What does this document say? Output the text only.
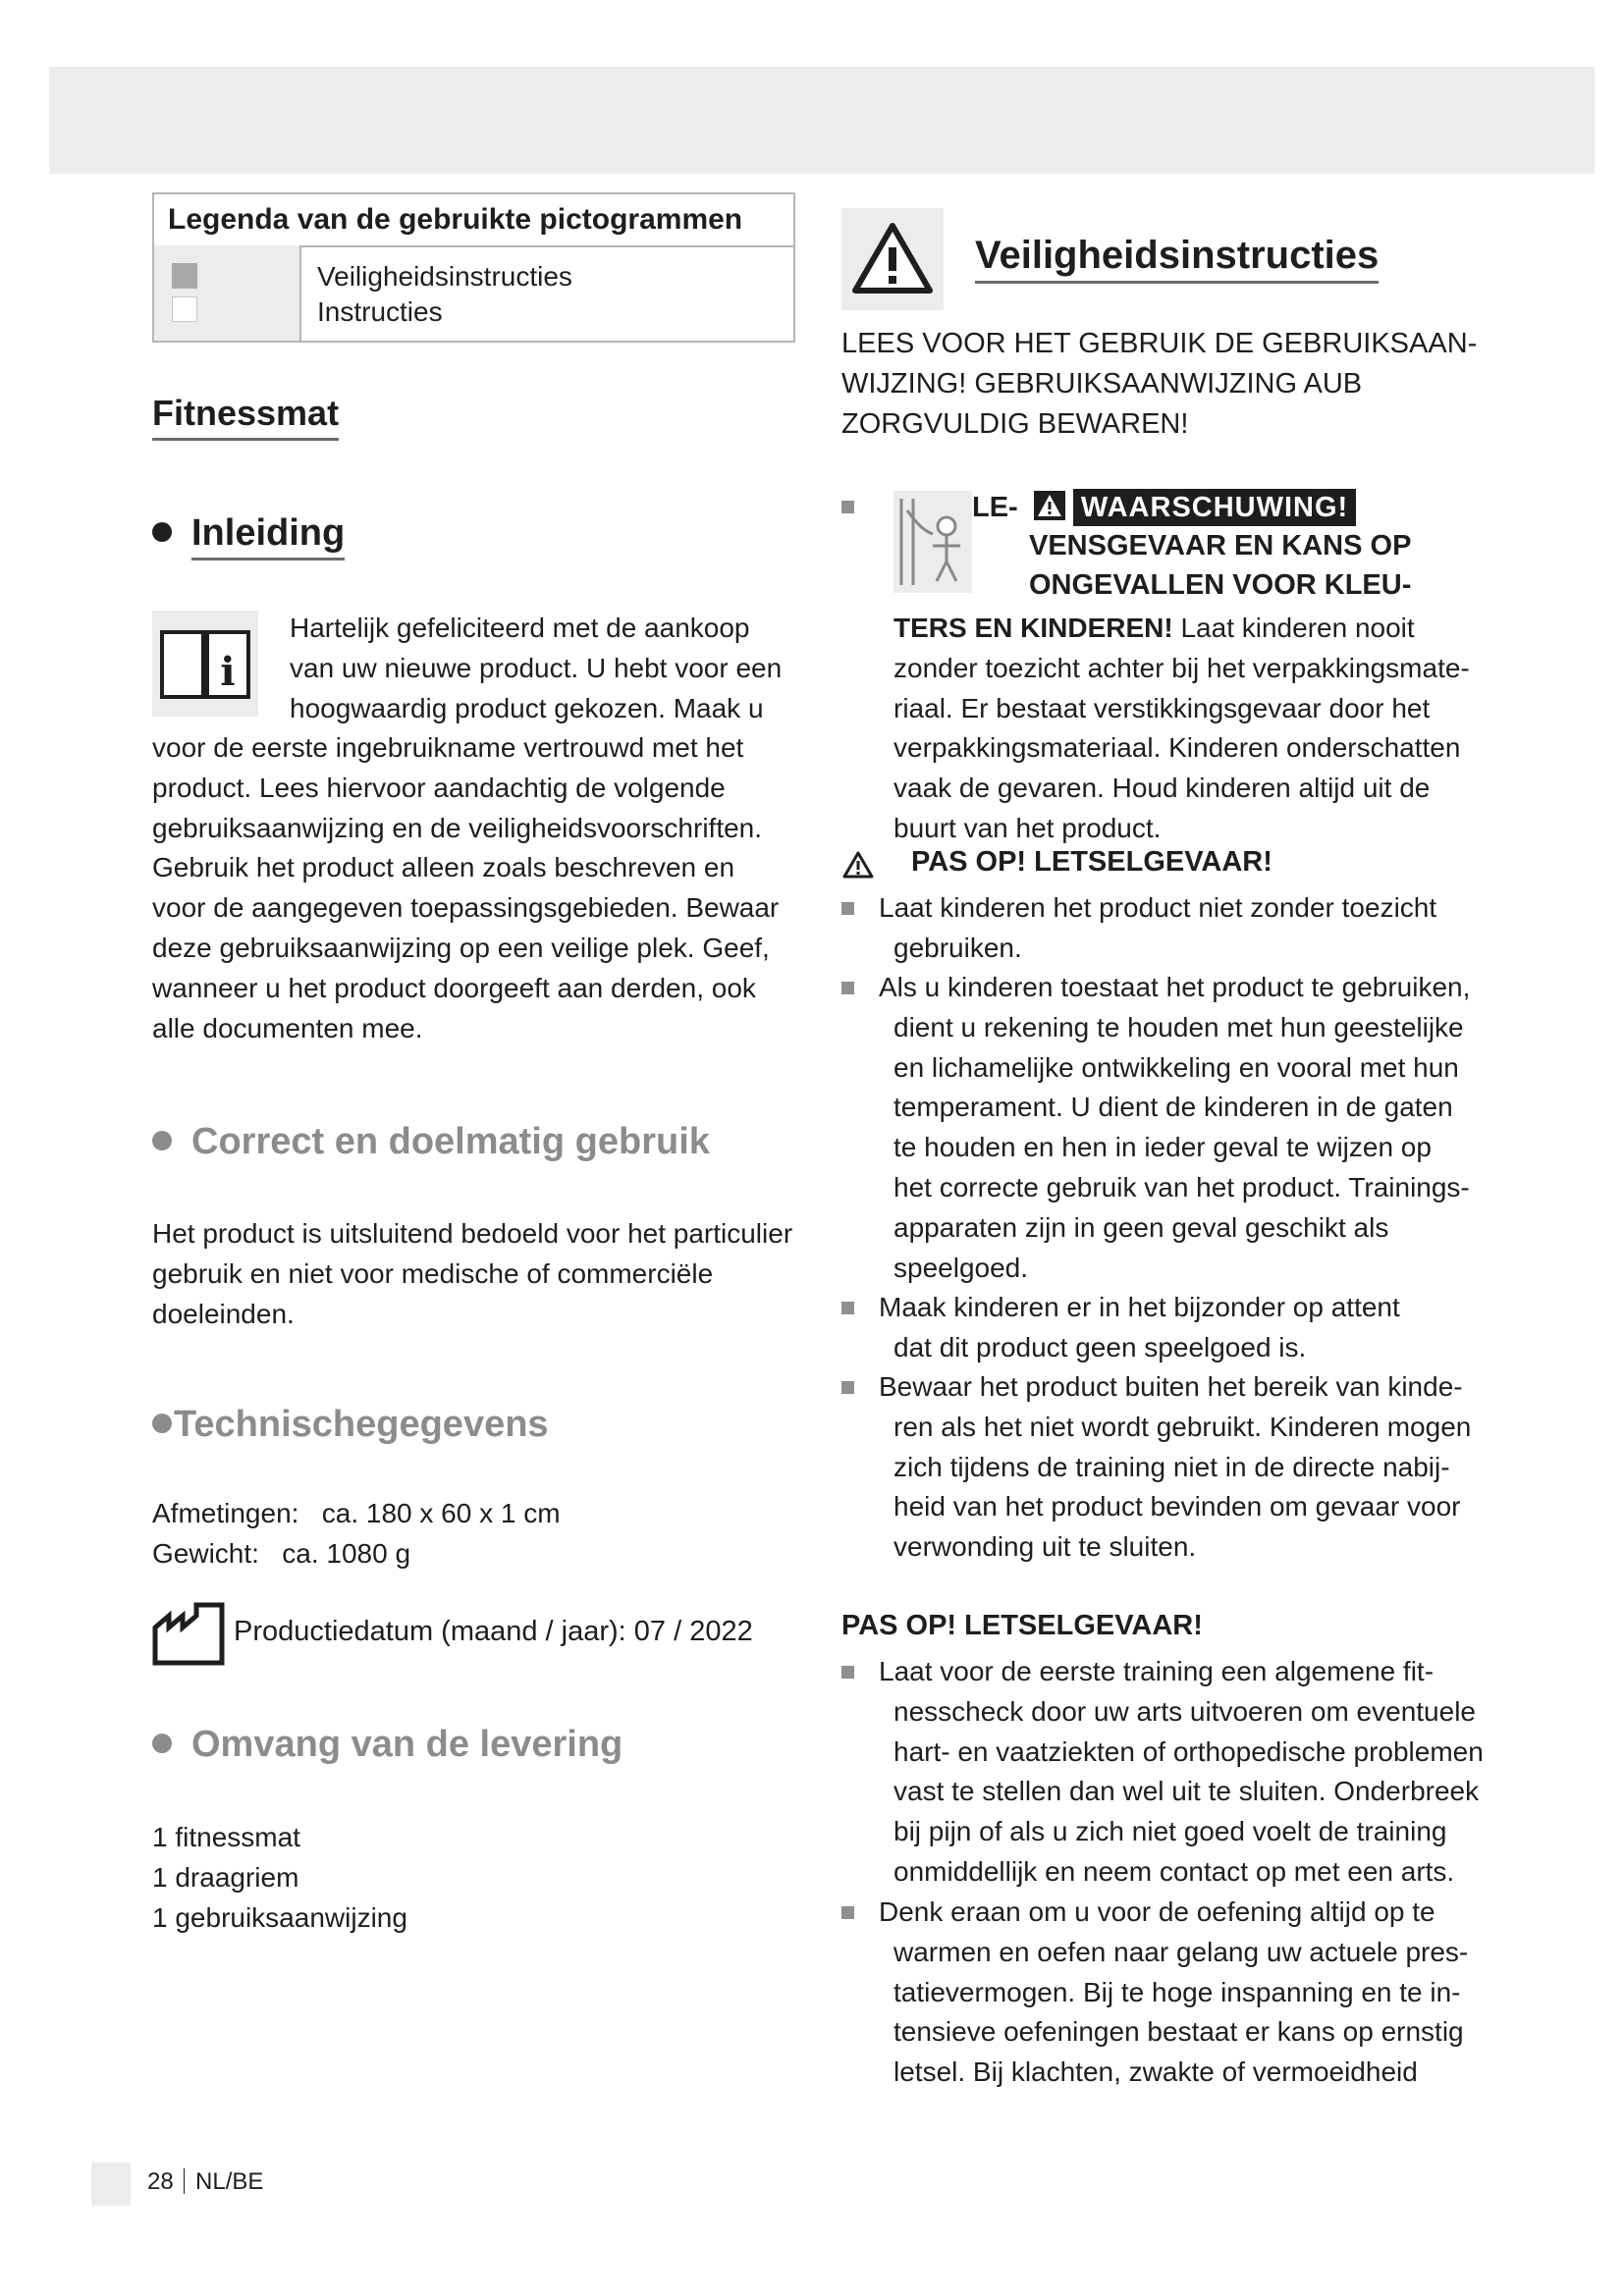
Legenda van de gebruikte pictogrammen
Veiligheidsinstructies
Instructies
Fitnessmat
Inleiding
i
Hartelijk gefeliciteerd met de aankoop
van uw nieuwe product. U hebt voor een
hoogwaardig product gekozen. Maak u
voor de eerste ingebruikname vertrouwd met het
product. Lees hiervoor aandachtig de volgende
gebruiksaanwijzing en de veiligheidsvoorschriften.
Gebruik het product alleen zoals beschreven en
voor de aangegeven toepassingsgebieden. Bewaar
deze gebruiksaanwijzing op een veilige plek. Geef,
wanneer u het product doorgeeft aan derden, ook
alle documenten mee.
Correct en doelmatig gebruik
Het product is uitsluitend bedoeld voor het particulier
gebruik en niet voor medische of commerciële
doeleinden.
Technischegegevens
Afmetingen:   ca. 180 x 60 x 1 cm
Gewicht:   ca. 1080 g
Productiedatum (maand / jaar): 07 / 2022
Omvang van de levering
1 fitnessmat
1 draagriem
1 gebruiksaanwijzing
Veiligheidsinstructies
LEES VOOR HET GEBRUIK DE GEBRUIKSAAN-
WIJZING! GEBRUIKSAANWIJZING AUB
ZORGVULDIG BEWAREN!
LE- WAARSCHUWING!
VENSGEVAAR EN KANS OP
ONGEVALLEN VOOR KLEU-
TERS EN KINDEREN! Laat kinderen nooit
zonder toezicht achter bij het verpakkingsmate-
riaal. Er bestaat verstikkingsgevaar door het
verpakkingsmateriaal. Kinderen onderschatten
vaak de gevaren. Houd kinderen altijd uit de
buurt van het product.
PAS OP! LETSELGEVAAR!
Laat kinderen het product niet zonder toezicht
gebruiken.
Als u kinderen toestaat het product te gebruiken,
dient u rekening te houden met hun geestelijke
en lichamelijke ontwikkeling en vooral met hun
temperament. U dient de kinderen in de gaten
te houden en hen in ieder geval te wijzen op
het correcte gebruik van het product. Trainings-
apparaten zijn in geen geval geschikt als
speelgoed.
Maak kinderen er in het bijzonder op attent
dat dit product geen speelgoed is.
Bewaar het product buiten het bereik van kinde-
ren als het niet wordt gebruikt. Kinderen mogen
zich tijdens de training niet in de directe nabij-
heid van het product bevinden om gevaar voor
verwonding uit te sluiten.
PAS OP! LETSELGEVAAR!
Laat voor de eerste training een algemene fit-
nesscheck door uw arts uitvoeren om eventuele
hart- en vaatziekten of orthopedische problemen
vast te stellen dan wel uit te sluiten. Onderbreek
bij pijn of als u zich niet goed voelt de training
onmiddellijk en neem contact op met een arts.
Denk eraan om u voor de oefening altijd op te
warmen en oefen naar gelang uw actuele pres-
tatievermogen. Bij te hoge inspanning en te in-
tensieve oefeningen bestaat er kans op ernstig
letsel. Bij klachten, zwakte of vermoeidheid
28 NL/BE
